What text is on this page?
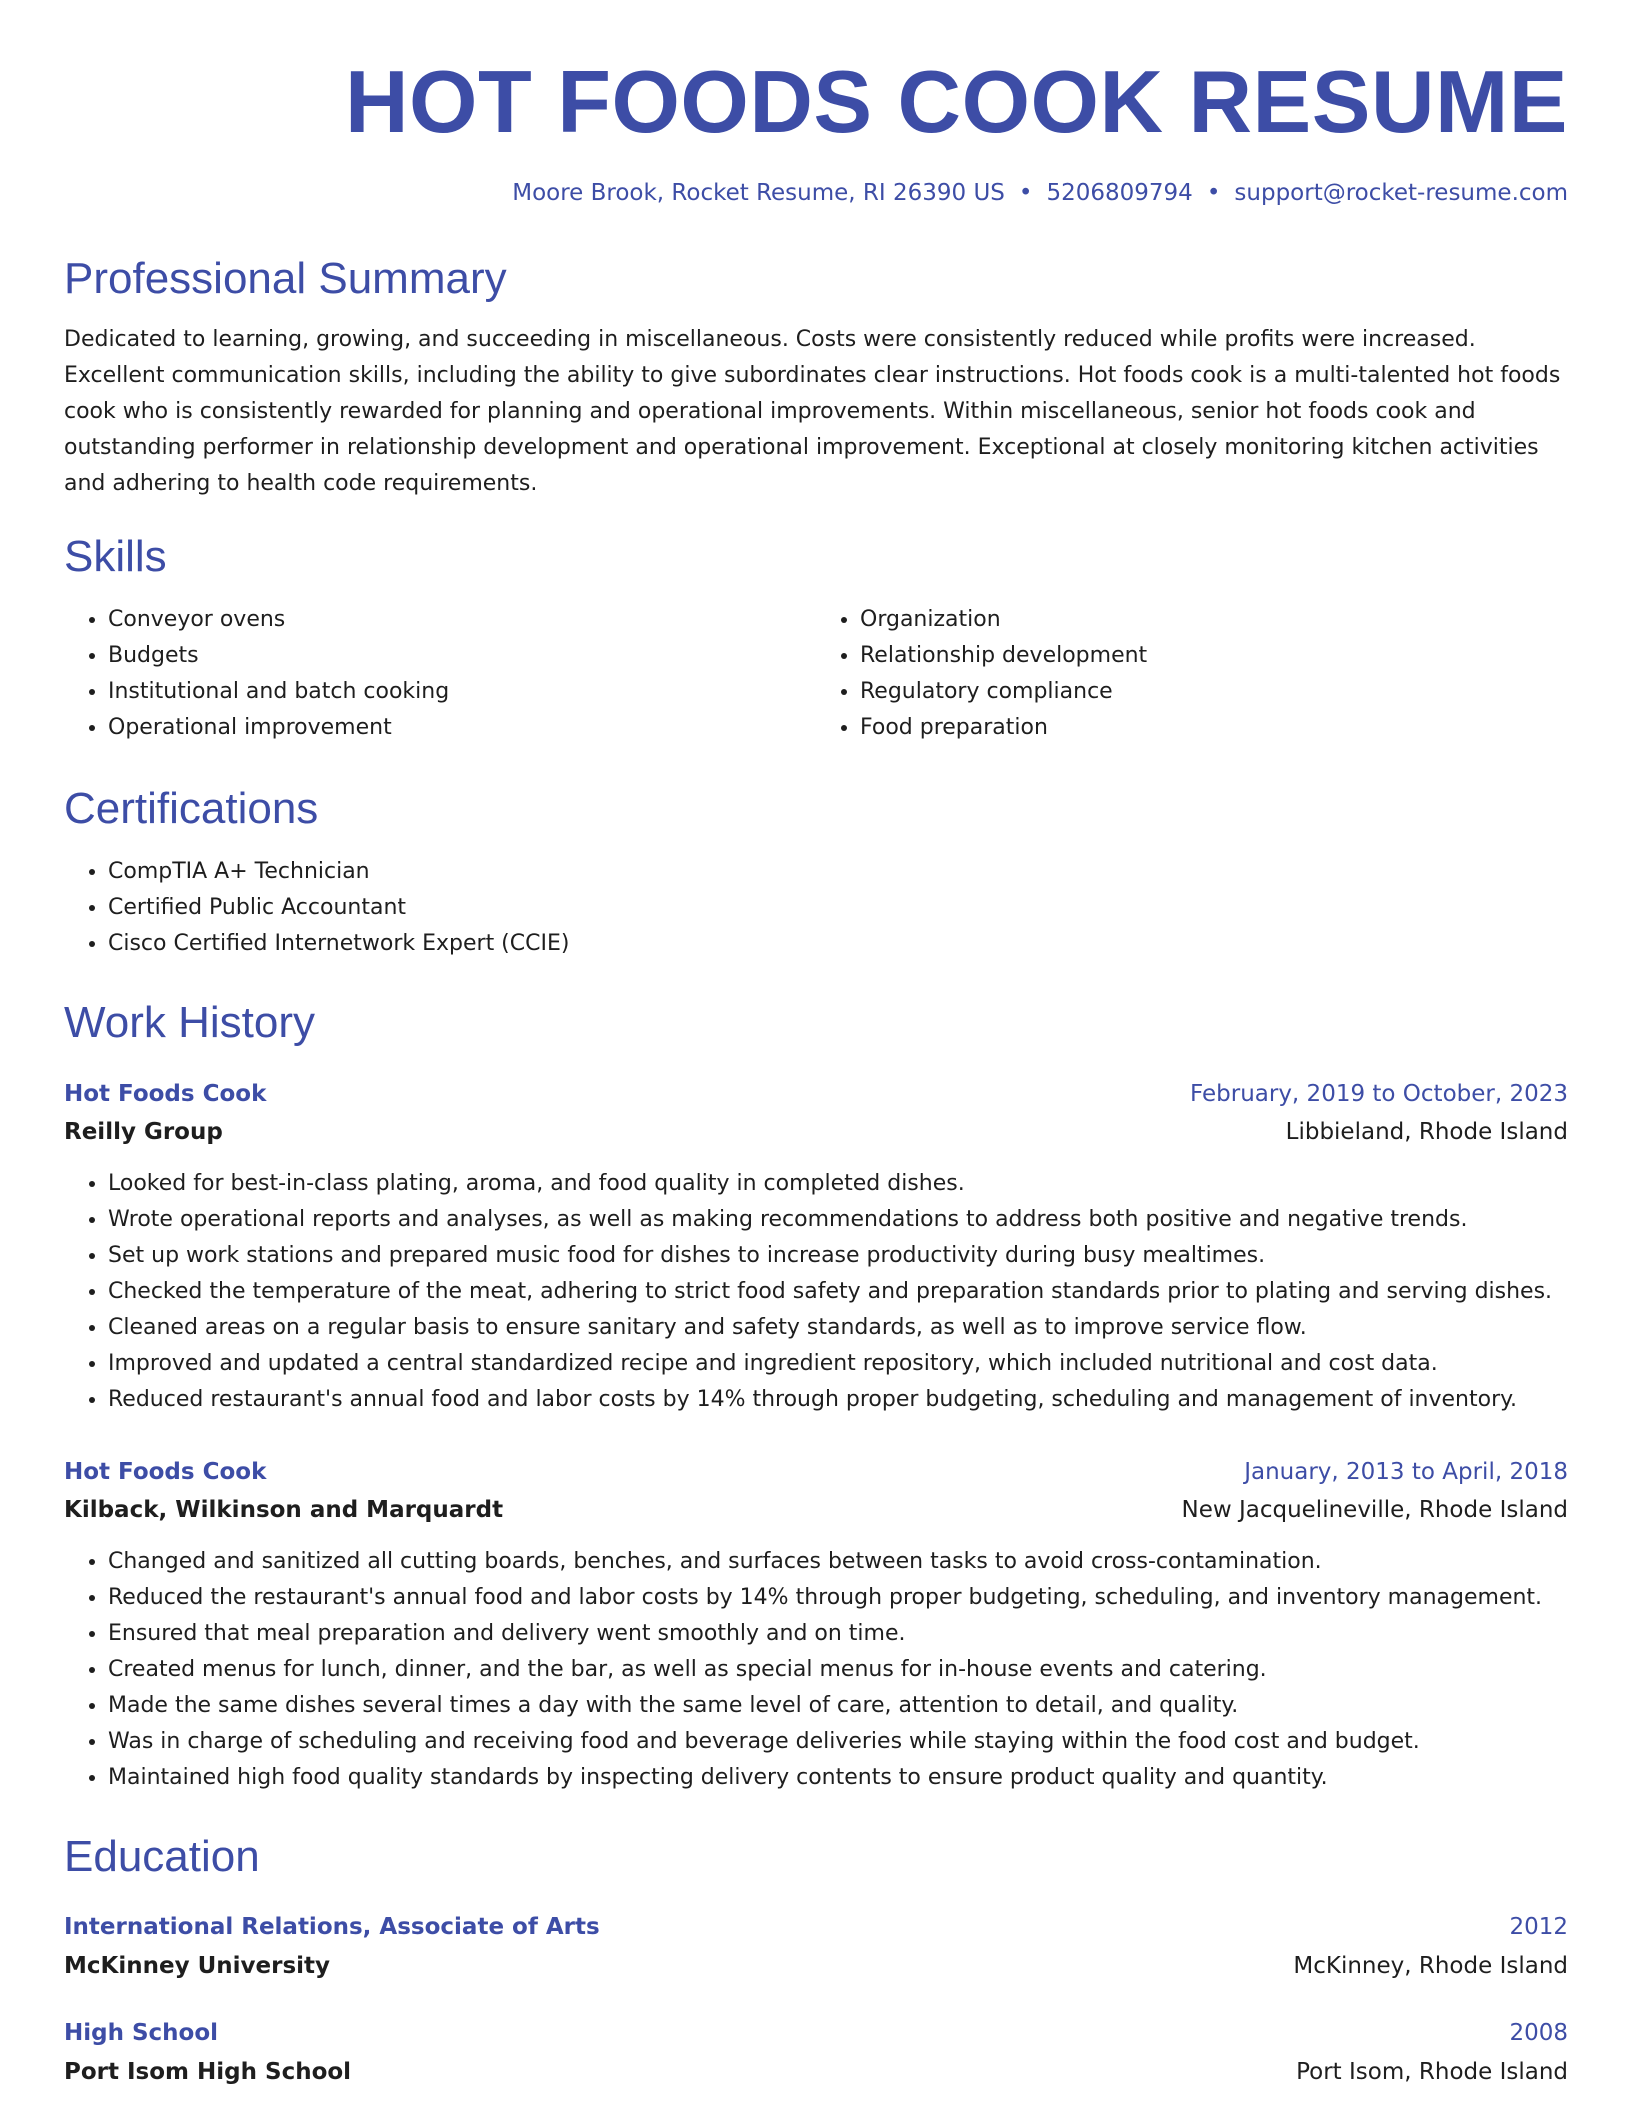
HOT FOODS COOK RESUME
Moore Brook, Rocket Resume, RI 26390 US • 5206809794 • support@rocket-resume.com
Professional Summary

Dedicated to learning, growing, and succeeding in miscellaneous. Costs were consistently reduced while profits were increased. Excellent communication skills, including the ability to give subordinates clear instructions. Hot foods cook is a multi-talented hot foods cook who is consistently rewarded for planning and operational improvements. Within miscellaneous, senior hot foods cook and outstanding performer in relationship development and operational improvement. Exceptional at closely monitoring kitchen activities and adhering to health code requirements.

Skills
• Conveyor ovens
• Budgets
• Institutional and batch cooking
• Operational improvement
• Organization
• Relationship development
• Regulatory compliance
• Food preparation
Certifications
• CompTIA A+ Technician
• Certified Public Accountant
• Cisco Certified Internetwork Expert (CCIE)
Work History
Hot Foods Cook	February, 2019 to October, 2023
Reilly Group	Libbieland, Rhode Island
• Looked for best-in-class plating, aroma, and food quality in completed dishes.
• Wrote operational reports and analyses, as well as making recommendations to address both positive and negative trends.
• Set up work stations and prepared music food for dishes to increase productivity during busy mealtimes.
• Checked the temperature of the meat, adhering to strict food safety and preparation standards prior to plating and serving dishes.
• Cleaned areas on a regular basis to ensure sanitary and safety standards, as well as to improve service flow.
• Improved and updated a central standardized recipe and ingredient repository, which included nutritional and cost data.
• Reduced restaurant's annual food and labor costs by 14% through proper budgeting, scheduling and management of inventory.
Hot Foods Cook	January, 2013 to April, 2018
Kilback, Wilkinson and Marquardt	New Jacquelineville, Rhode Island
• Changed and sanitized all cutting boards, benches, and surfaces between tasks to avoid cross-contamination.
• Reduced the restaurant's annual food and labor costs by 14% through proper budgeting, scheduling, and inventory management.
• Ensured that meal preparation and delivery went smoothly and on time.
• Created menus for lunch, dinner, and the bar, as well as special menus for in-house events and catering.
• Made the same dishes several times a day with the same level of care, attention to detail, and quality.
• Was in charge of scheduling and receiving food and beverage deliveries while staying within the food cost and budget.
• Maintained high food quality standards by inspecting delivery contents to ensure product quality and quantity.
Education
International Relations, Associate of Arts	2012
McKinney University	McKinney, Rhode Island
High School	2008
Port Isom High School	Port Isom, Rhode Island
